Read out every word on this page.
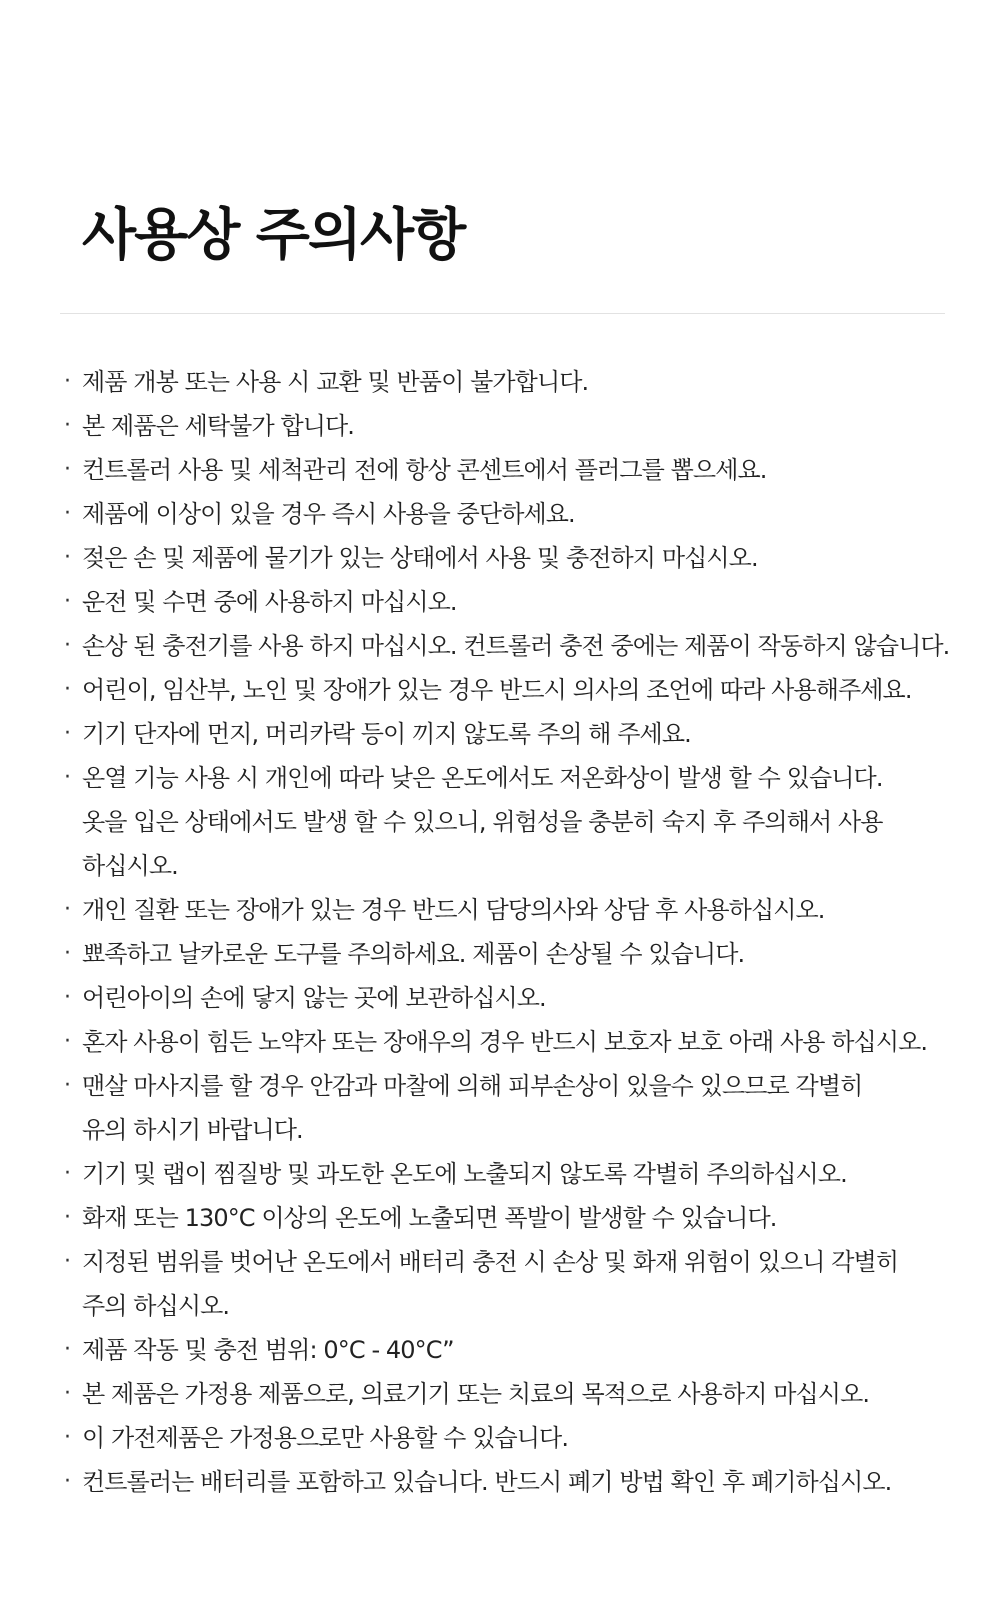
사용상 주의사항
· 제품 개봉 또는 사용 시 교환 및 반품이 불가합니다.
· 본 제품은 세탁불가 합니다.
· 컨트롤러 사용 및 세척관리 전에 항상 콘센트에서 플러그를 뽑으세요.
· 제품에 이상이 있을 경우 즉시 사용을 중단하세요.
· 젖은 손 및 제품에 물기가 있는 상태에서 사용 및 충전하지 마십시오.
· 운전 및 수면 중에 사용하지 마십시오.
· 손상 된 충전기를 사용 하지 마십시오. 컨트롤러 충전 중에는 제품이 작동하지 않습니다.
· 어린이, 임산부, 노인 및 장애가 있는 경우 반드시 의사의 조언에 따라 사용해주세요.
· 기기 단자에 먼지, 머리카락 등이 끼지 않도록 주의 해 주세요.
· 온열 기능 사용 시 개인에 따라 낮은 온도에서도 저온화상이 발생 할 수 있습니다.
옷을 입은 상태에서도 발생 할 수 있으니, 위험성을 충분히 숙지 후 주의해서 사용
하십시오.
· 개인 질환 또는 장애가 있는 경우 반드시 담당의사와 상담 후 사용하십시오.
· 뾰족하고 날카로운 도구를 주의하세요. 제품이 손상될 수 있습니다.
· 어린아이의 손에 닿지 않는 곳에 보관하십시오.
· 혼자 사용이 힘든 노약자 또는 장애우의 경우 반드시 보호자 보호 아래 사용 하십시오.
· 맨살 마사지를 할 경우 안감과 마찰에 의해 피부손상이 있을수 있으므로 각별히
유의 하시기 바랍니다.
· 기기 및 랩이 찜질방 및 과도한 온도에 노출되지 않도록 각별히 주의하십시오.
· 화재 또는 130°C 이상의 온도에 노출되면 폭발이 발생할 수 있습니다.
· 지정된 범위를 벗어난 온도에서 배터리 충전 시 손상 및 화재 위험이 있으니 각별히
주의 하십시오.
· 제품 작동 및 충전 범위: 0°C - 40°C”
· 본 제품은 가정용 제품으로, 의료기기 또는 치료의 목적으로 사용하지 마십시오.
· 이 가전제품은 가정용으로만 사용할 수 있습니다.
· 컨트롤러는 배터리를 포함하고 있습니다. 반드시 폐기 방법 확인 후 폐기하십시오.
